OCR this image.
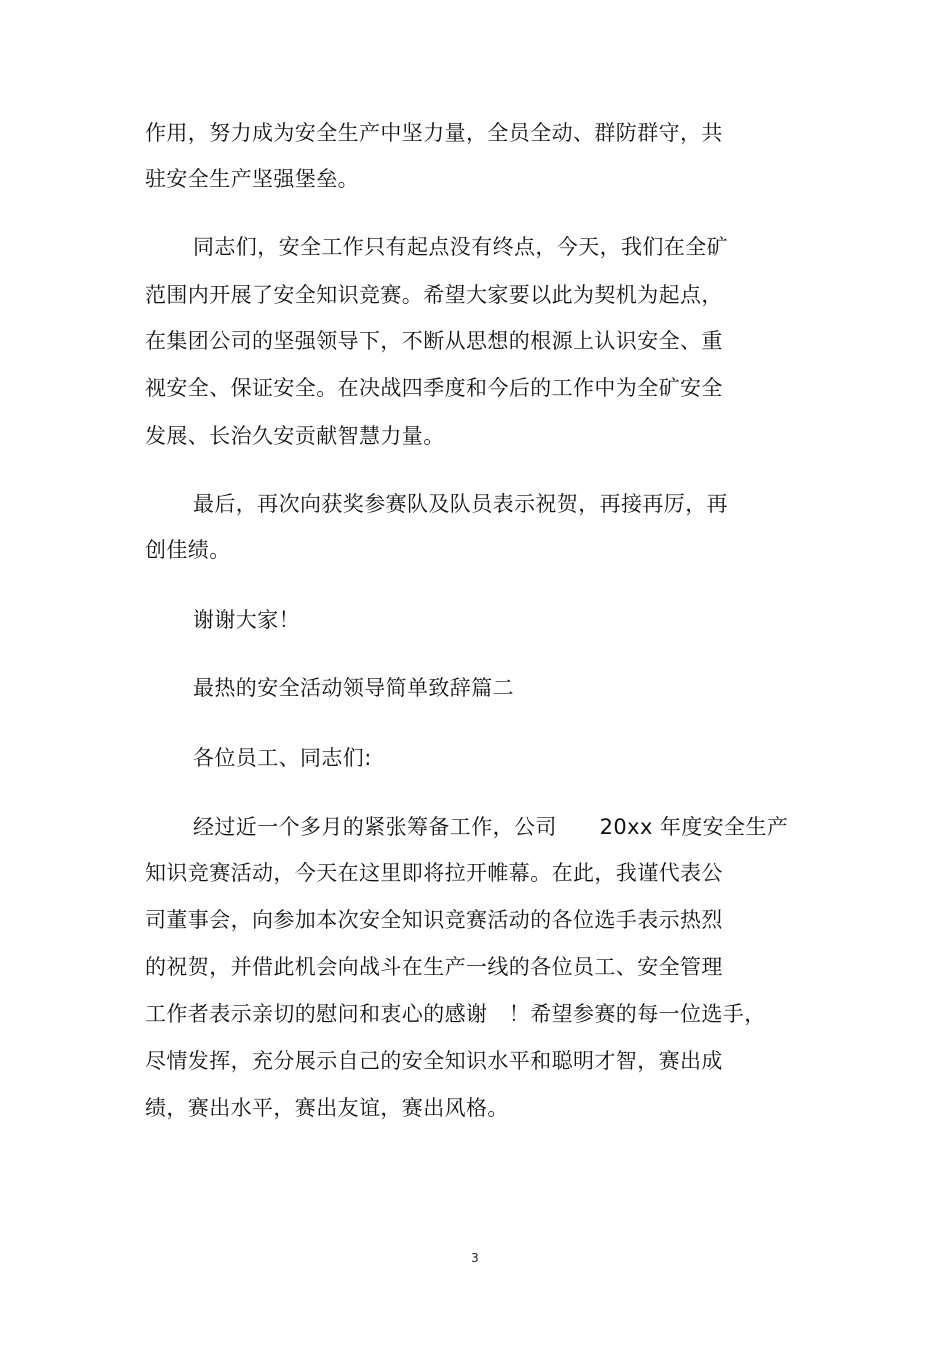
作用，努力成为安全生产中坚力量，全员全动、群防群守，共
驻安全生产坚强堡垒。
同志们，安全工作只有起点没有终点，今天，我们在全矿
范围内开展了安全知识竞赛。希望大家要以此为契机为起点，
在集团公司的坚强领导下，不断从思想的根源上认识安全、重
视安全、保证安全。在决战四季度和今后的工作中为全矿安全
发展、长治久安贡献智慧力量。
最后，再次向获奖参赛队及队员表示祝贺，再接再厉，再
创佳绩。
谢谢大家！
最热的安全活动领导简单致辞篇二
各位员工、同志们:
经过近一个多月的紧张筹备工作，公司　　20xx 年度安全生产
知识竞赛活动，今天在这里即将拉开帷幕。在此，我谨代表公
司董事会，向参加本次安全知识竞赛活动的各位选手表示热烈
的祝贺，并借此机会向战斗在生产一线的各位员工、安全管理
工作者表示亲切的慰问和衷心的感谢　！希望参赛的每一位选手，
尽情发挥，充分展示自己的安全知识水平和聪明才智，赛出成
绩，赛出水平，赛出友谊，赛出风格。
3
